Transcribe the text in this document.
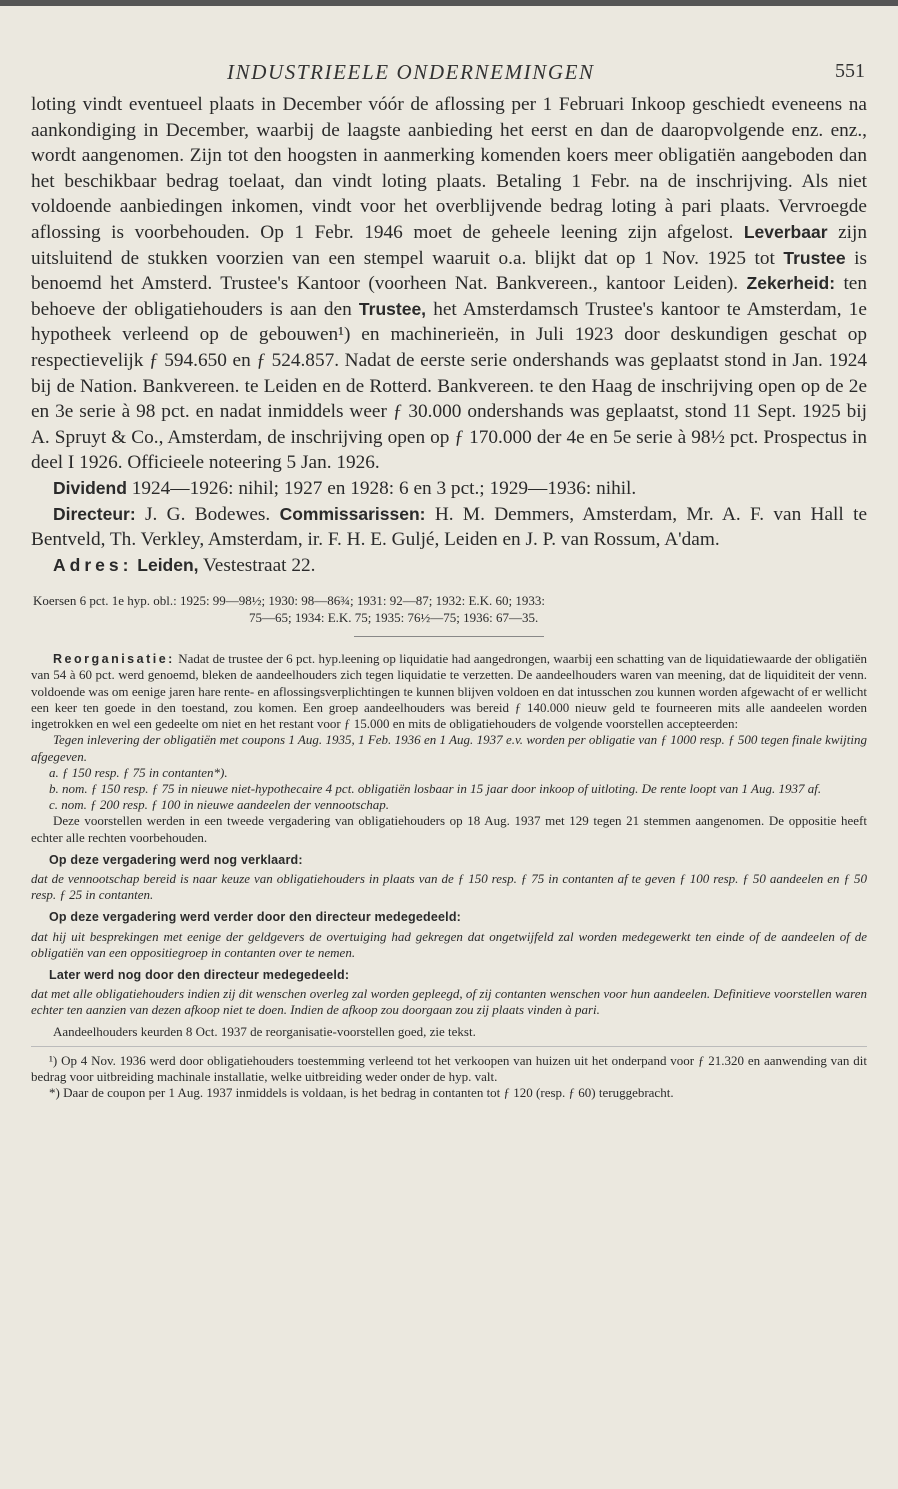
INDUSTRIEELE ONDERNEMINGEN	551

loting vindt eventueel plaats in December vóór de aflossing per 1 Februari Inkoop geschiedt eveneens na aankondiging in December, waarbij de laagste aanbieding het eerst en dan de daaropvolgende enz. enz., wordt aangenomen. Zijn tot den hoogsten in aanmerking komenden koers meer obligatiën aangeboden dan het beschikbaar bedrag toelaat, dan vindt loting plaats. Betaling 1 Febr. na de inschrijving. Als niet voldoende aanbiedingen inkomen, vindt voor het overblijvende bedrag loting à pari plaats. Vervroegde aflossing is voorbehouden. Op 1 Febr. 1946 moet de geheele leening zijn afgelost. Leverbaar zijn uitsluitend de stukken voorzien van een stempel waaruit o.a. blijkt dat op 1 Nov. 1925 tot Trustee is benoemd het Amsterd. Trustee's Kantoor (voorheen Nat. Bankvereen., kantoor Leiden). Zekerheid: ten behoeve der obligatiehouders is aan den Trustee, het Amsterdamsch Trustee's kantoor te Amsterdam, 1e hypotheek verleend op de gebouwen¹) en machinerieën, in Juli 1923 door deskundigen geschat op respectievelijk ƒ 594.650 en ƒ 524.857. Nadat de eerste serie ondershands was geplaatst stond in Jan. 1924 bij de Nation. Bankvereen. te Leiden en de Rotterd. Bankvereen. te den Haag de inschrijving open op de 2e en 3e serie à 98 pct. en nadat inmiddels weer ƒ 30.000 ondershands was geplaatst, stond 11 Sept. 1925 bij A. Spruyt & Co., Amsterdam, de inschrijving open op ƒ 170.000 der 4e en 5e serie à 98½ pct. Prospectus in deel I 1926. Officieele noteering 5 Jan. 1926.

Dividend 1924—1926: nihil; 1927 en 1928: 6 en 3 pct.; 1929—1936: nihil.

Directeur: J. G. Bodewes. Commissarissen: H. M. Demmers, Amsterdam, Mr. A. F. van Hall te Bentveld, Th. Verkley, Amsterdam, ir. F. H. E. Guljé, Leiden en J. P. van Rossum, A'dam.

Adres: Leiden, Vestestraat 22.

Koersen 6 pct. 1e hyp. obl.: 1925: 99—98½; 1930: 98—86¾; 1931: 92—87; 1932: E.K. 60; 1933:
75—65; 1934: E.K. 75; 1935: 76½—75; 1936: 67—35.

Reorganisatie: Nadat de trustee der 6 pct. hyp.leening op liquidatie had aangedrongen, waarbij een schatting van de liquidatiewaarde der obligatiën van 54 à 60 pct. werd genoemd, bleken de aandeelhouders zich tegen liquidatie te verzetten. De aandeelhouders waren van meening, dat de liquiditeit der venn. voldoende was om eenige jaren hare rente- en aflossingsverplichtingen te kunnen blijven voldoen en dat intusschen zou kunnen worden afgewacht of er wellicht een keer ten goede in den toestand, zou komen. Een groep aandeelhouders was bereid ƒ 140.000 nieuw geld te fourneeren mits alle aandeelen worden ingetrokken en wel een gedeelte om niet en het restant voor ƒ 15.000 en mits de obligatiehouders de volgende voorstellen accepteerden:

Tegen inlevering der obligatiën met coupons 1 Aug. 1935, 1 Feb. 1936 en 1 Aug. 1937 e.v. worden per obligatie van ƒ 1000 resp. ƒ 500 tegen finale kwijting afgegeven.

a. ƒ 150 resp. ƒ 75 in contanten*).

b. nom. ƒ 150 resp. ƒ 75 in nieuwe niet-hypothecaire 4 pct. obligatiën losbaar in 15 jaar door inkoop of uitloting. De rente loopt van 1 Aug. 1937 af.

c. nom. ƒ 200 resp. ƒ 100 in nieuwe aandeelen der vennootschap.

Deze voorstellen werden in een tweede vergadering van obligatiehouders op 18 Aug. 1937 met 129 tegen 21 stemmen aangenomen. De oppositie heeft echter alle rechten voorbehouden.

Op deze vergadering werd nog verklaard:

dat de vennootschap bereid is naar keuze van obligatiehouders in plaats van de ƒ 150 resp. ƒ 75 in contanten af te geven ƒ 100 resp. ƒ 50 aandeelen en ƒ 50 resp. ƒ 25 in contanten.

Op deze vergadering werd verder door den directeur medegedeeld:

dat hij uit besprekingen met eenige der geldgevers de overtuiging had gekregen dat ongetwijfeld zal worden medegewerkt ten einde of de aandeelen of de obligatiën van een oppositiegroep in contanten over te nemen.

Later werd nog door den directeur medegedeeld:

dat met alle obligatiehouders indien zij dit wenschen overleg zal worden gepleegd, of zij contanten wenschen voor hun aandeelen. Definitieve voorstellen waren echter ten aanzien van dezen afkoop niet te doen. Indien de afkoop zou doorgaan zou zij plaats vinden à pari.

Aandeelhouders keurden 8 Oct. 1937 de reorganisatie-voorstellen goed, zie tekst.

¹) Op 4 Nov. 1936 werd door obligatiehouders toestemming verleend tot het verkoopen van huizen uit het onderpand voor ƒ 21.320 en aanwending van dit bedrag voor uitbreiding machinale installatie, welke uitbreiding weder onder de hyp. valt.

*) Daar de coupon per 1 Aug. 1937 inmiddels is voldaan, is het bedrag in contanten tot ƒ 120 (resp. ƒ 60) teruggebracht.
